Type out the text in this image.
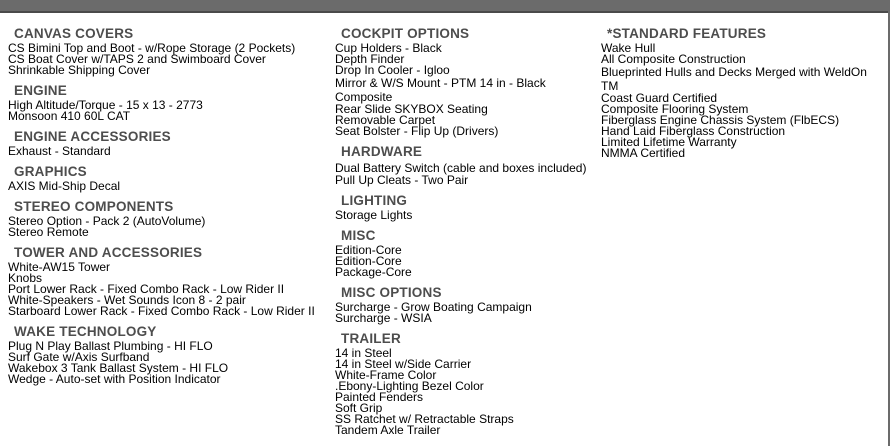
CANVAS COVERS
CS Bimini Top and Boot - w/Rope Storage (2 Pockets)
CS Boat Cover w/TAPS 2 and Swimboard Cover
Shrinkable Shipping Cover
ENGINE
High Altitude/Torque - 15 x 13 - 2773
Monsoon 410 60L CAT
ENGINE ACCESSORIES
Exhaust - Standard
GRAPHICS
AXIS Mid-Ship Decal
STEREO COMPONENTS
Stereo Option - Pack 2 (AutoVolume)
Stereo Remote
TOWER AND ACCESSORIES
White-AW15 Tower
Knobs
Port Lower Rack - Fixed Combo Rack - Low Rider II
White-Speakers - Wet Sounds Icon 8 - 2 pair
Starboard Lower Rack - Fixed Combo Rack - Low Rider II
WAKE TECHNOLOGY
Plug N Play Ballast Plumbing - HI FLO
Surf Gate w/Axis Surfband
Wakebox 3 Tank Ballast System - HI FLO
Wedge - Auto-set with Position Indicator
COCKPIT OPTIONS
Cup Holders - Black
Depth Finder
Drop In Cooler - Igloo
Mirror & W/S Mount - PTM 14 in - Black Composite
Rear Slide SKYBOX Seating
Removable Carpet
Seat Bolster - Flip Up (Drivers)
HARDWARE
Dual Battery Switch (cable and boxes included)
Pull Up Cleats - Two Pair
LIGHTING
Storage Lights
MISC
Edition-Core
Edition-Core
Package-Core
MISC OPTIONS
Surcharge - Grow Boating Campaign
Surcharge - WSIA
TRAILER
14 in Steel
14 in Steel w/Side Carrier
White-Frame Color
.Ebony-Lighting Bezel Color
Painted Fenders
Soft Grip
SS Ratchet w/ Retractable Straps
Tandem Axle Trailer
*STANDARD FEATURES
Wake Hull
All Composite Construction
Blueprinted Hulls and Decks Merged with WeldOn TM
Coast Guard Certified
Composite Flooring System
Fiberglass Engine Chassis System (FlbECS)
Hand Laid Fiberglass Construction
Limited Lifetime Warranty
NMMA Certified
